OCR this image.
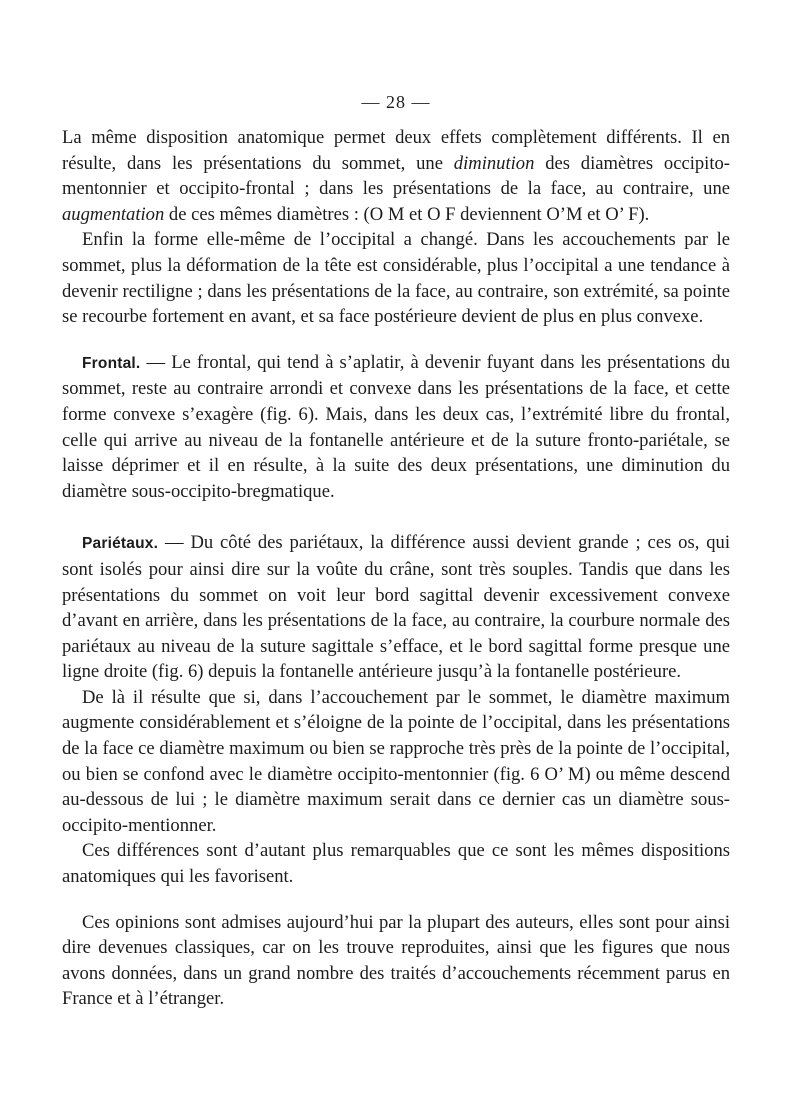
— 28 —

La même disposition anatomique permet deux effets complètement différents. Il en résulte, dans les présentations du sommet, une diminution des diamètres occipito-mentonnier et occipito-frontal ; dans les présentations de la face, au contraire, une augmentation de ces mêmes diamètres : (O M et O F deviennent O’M et O’ F).

Enfin la forme elle-même de l’occipital a changé. Dans les accouchements par le sommet, plus la déformation de la tête est considérable, plus l’occipital a une tendance à devenir rectiligne ; dans les présentations de la face, au contraire, son extrémité, sa pointe se recourbe fortement en avant, et sa face postérieure devient de plus en plus convexe.

Frontal. — Le frontal, qui tend à s’aplatir, à devenir fuyant dans les présentations du sommet, reste au contraire arrondi et convexe dans les présentations de la face, et cette forme convexe s’exagère (fig. 6). Mais, dans les deux cas, l’extrémité libre du frontal, celle qui arrive au niveau de la fontanelle antérieure et de la suture fronto-pariétale, se laisse déprimer et il en résulte, à la suite des deux présentations, une diminution du diamètre sous-occipito-bregmatique.

Pariétaux. — Du côté des pariétaux, la différence aussi devient grande ; ces os, qui sont isolés pour ainsi dire sur la voûte du crâne, sont très souples. Tandis que dans les présentations du sommet on voit leur bord sagittal devenir excessivement convexe d’avant en arrière, dans les présentations de la face, au contraire, la courbure normale des pariétaux au niveau de la suture sagittale s’efface, et le bord sagittal forme presque une ligne droite (fig. 6) depuis la fontanelle antérieure jusqu’à la fontanelle postérieure.

De là il résulte que si, dans l’accouchement par le sommet, le diamètre maximum augmente considérablement et s’éloigne de la pointe de l’occipital, dans les présentations de la face ce diamètre maximum ou bien se rapproche très près de la pointe de l’occipital, ou bien se confond avec le diamètre occipito-mentonnier (fig. 6 O’ M) ou même descend au-dessous de lui ; le diamètre maximum serait dans ce dernier cas un diamètre sous-occipito-mentionner.

Ces différences sont d’autant plus remarquables que ce sont les mêmes dispositions anatomiques qui les favorisent.

Ces opinions sont admises aujourd’hui par la plupart des auteurs, elles sont pour ainsi dire devenues classiques, car on les trouve reproduites, ainsi que les figures que nous avons données, dans un grand nombre des traités d’accouchements récemment parus en France et à l’étranger.
